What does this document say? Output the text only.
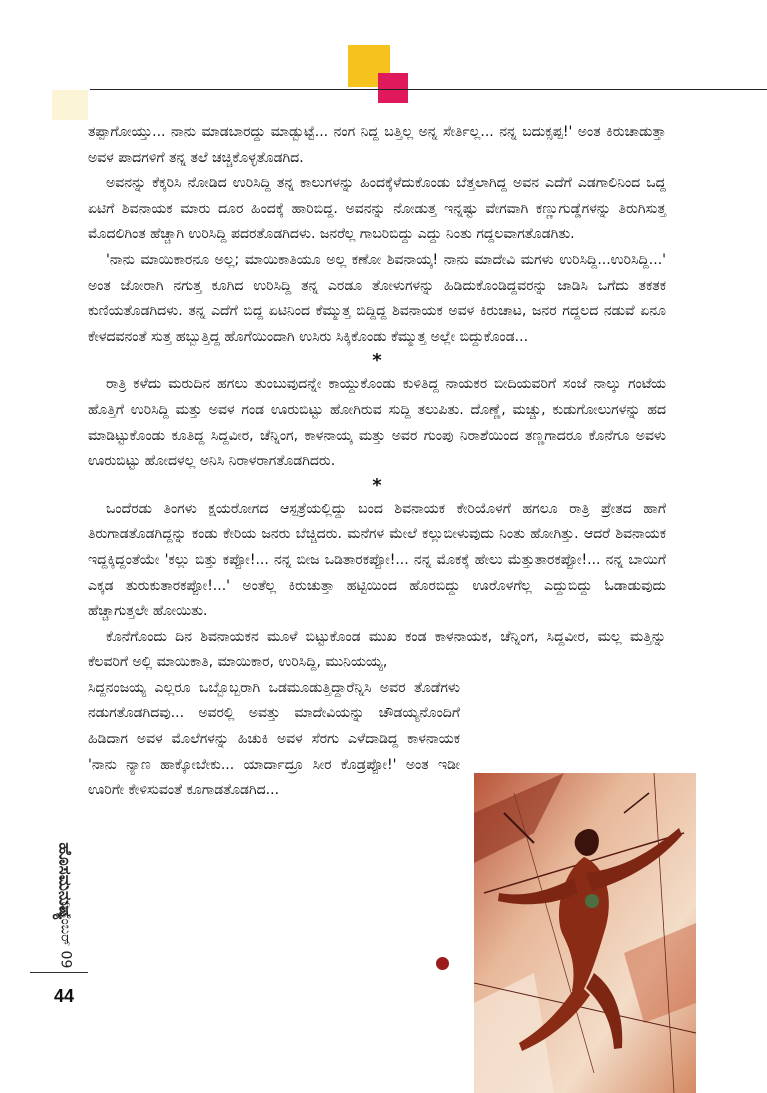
ತಪ್ಪಾಗೋಯ್ತು... ನಾನು ಮಾಡಬಾರದ್ದು ಮಾಡ್ಬುಟ್ಟೆ... ನಂಗ ನಿದ್ದ ಬತ್ತಿಲ್ಲ ಅನ್ನ ಸೇರ್ತಿಲ್ಲ... ನನ್ನ ಬದುಕ್ಸಪ್ಪ!' ಅಂತ ಕಿರುಚಾಡುತ್ತಾ ಅವಳ ಪಾದಗಳಿಗೆ ತನ್ನ ತಲೆ ಚಚ್ಚಿಕೊಳ್ಳತೊಡಗಿದ.

ಅವನನ್ನು ಕೆಕ್ಕರಿಸಿ ನೋಡಿದ ಉರಿಸಿದ್ದಿ ತನ್ನ ಕಾಲುಗಳನ್ನು ಹಿಂದಕ್ಕೆಳೆದುಕೊಂಡು ಬೆತ್ತಲಾಗಿದ್ದ ಅವನ ಎದೆಗೆ ಎಡಗಾಲಿನಿಂದ ಒದ್ದ ಏಟಿಗೆ ಶಿವನಾಯಕ ಮಾರು ದೂರ ಹಿಂದಕ್ಕೆ ಹಾರಿಬಿದ್ದ. ಅವನನ್ನು ನೋಡುತ್ತ ಇನ್ನಷ್ಟು ವೇಗವಾಗಿ ಕಣ್ಣುಗುಡ್ಡೆಗಳನ್ನು ತಿರುಗಿಸುತ್ತ ಮೊದಲಿಗಿಂತ ಹೆಚ್ಚಾಗಿ ಉರಿಸಿದ್ದಿ ಪದರತೊಡಗಿದಳು. ಜನರೆಲ್ಲ ಗಾಬರಿಬಿದ್ದು ಎದ್ದು ನಿಂತು ಗದ್ದಲವಾಗತೊಡಗಿತು.

'ನಾನು ಮಾಯಿಕಾರನೂ ಅಲ್ಲ; ಮಾಯಿಕಾತಿಯೂ ಅಲ್ಲ ಕಣೋ ಶಿವನಾಯ್ಕ! ನಾನು ಮಾದೇವಿ ಮಗಳು ಉರಿಸಿದ್ದಿ...ಉರಿಸಿದ್ದಿ...' ಅಂತ ಜೋರಾಗಿ ನಗುತ್ತ ಕೂಗಿದ ಉರಿಸಿದ್ದಿ ತನ್ನ ಎರಡೂ ತೋಳುಗಳನ್ನು ಹಿಡಿದುಕೊಂಡಿದ್ದವರನ್ನು ಜಾಡಿಸಿ ಒಗೆದು ತಕತಕ ಕುಣಿಯತೊಡಗಿದಳು. ತನ್ನ ಎದೆಗೆ ಬಿದ್ದ ಏಟಿನಿಂದ ಕೆಮ್ಮುತ್ತ ಬಿದ್ದಿದ್ದ ಶಿವನಾಯಕ ಅವಳ ಕಿರುಚಾಟ, ಜನರ ಗದ್ದಲದ ನಡುವೆ ಏನೂ ಕೇಳದವನಂತೆ ಸುತ್ತ ಹಬ್ಬುತ್ತಿದ್ದ ಹೊಗೆಯಿಂದಾಗಿ ಉಸಿರು ಸಿಕ್ಕಿಕೊಂಡು ಕೆಮ್ಮುತ್ತ ಅಲ್ಲೇ ಬಿದ್ದುಕೊಂಡ...

*

ರಾತ್ರಿ ಕಳೆದು ಮರುದಿನ ಹಗಲು ತುಂಬುವುದನ್ನೇ ಕಾಯ್ದುಕೊಂಡು ಕುಳಿತಿದ್ದ ನಾಯಕರ ಬೀದಿಯವರಿಗೆ ಸಂಜೆ ನಾಲ್ಕು ಗಂಟೆಯ ಹೊತ್ತಿಗೆ ಉರಿಸಿದ್ದಿ ಮತ್ತು ಅವಳ ಗಂಡ ಊರುಬಿಟ್ಟು ಹೋಗಿರುವ ಸುದ್ದಿ ತಲುಪಿತು. ದೊಣ್ಣೆ, ಮಚ್ಚು, ಕುಡುಗೋಲುಗಳನ್ನು ಹದ ಮಾಡಿಟ್ಟುಕೊಂಡು ಕೂತಿದ್ದ ಸಿದ್ದವೀರ, ಚೆನ್ನಿಂಗ, ಕಾಳನಾಯ್ಕ ಮತ್ತು ಅವರ ಗುಂಪು ನಿರಾಶೆಯಿಂದ ತಣ್ಣಗಾದರೂ ಕೊನೆಗೂ ಅವಳು ಊರುಬಿಟ್ಟು ಹೋದಳಲ್ಲ ಅನಿಸಿ ನಿರಾಳರಾಗತೊಡಗಿದರು.

*

ಒಂದೆರಡು ತಿಂಗಳು ಕ್ಷಯರೋಗದ ಆಸ್ಪತ್ರೆಯಲ್ಲಿದ್ದು ಬಂದ ಶಿವನಾಯಕ ಕೇರಿಯೊಳಗೆ ಹಗಲೂ ರಾತ್ರಿ ಪ್ರೇತದ ಹಾಗೆ ತಿರುಗಾಡತೊಡಗಿದ್ದನ್ನು ಕಂಡು ಕೇರಿಯ ಜನರು ಬೆಚ್ಚಿದರು. ಮನೆಗಳ ಮೇಲೆ ಕಲ್ಲುಬೀಳುವುದು ನಿಂತು ಹೋಗಿತ್ತು. ಆದರೆ ಶಿವನಾಯಕ ಇದ್ದಕ್ಕಿದ್ದಂತೆಯೇ 'ಕಲ್ಲು ಬಿತ್ತು ಕಪ್ಪೋ!... ನನ್ನ ಬೀಜ ಒಡಿತಾರಕಪ್ಪೋ!... ನನ್ನ ಮೊಕಕ್ಕೆ ಹೇಲು ಮೆತ್ತುತಾರಕಪ್ಪೋ!... ನನ್ನ ಬಾಯಿಗೆ ಎಕ್ಕಡ ತುರುಕುತಾರಕಪ್ಪೋ!...' ಅಂತೆಲ್ಲ ಕಿರುಚುತ್ತಾ ಹಟ್ಟಿಯಿಂದ ಹೊರಬಿದ್ದು ಊರೊಳಗೆಲ್ಲ ಎದ್ದುಬಿದ್ದು ಓಡಾಡುವುದು ಹೆಚ್ಚಾಗುತ್ತಲೇ ಹೋಯಿತು.

ಕೊನೆಗೊಂದು ದಿನ ಶಿವನಾಯಕನ ಮೂಳೆ ಬಿಟ್ಟುಕೊಂಡ ಮುಖ ಕಂಡ ಕಾಳನಾಯಕ, ಚೆನ್ನಿಂಗ, ಸಿದ್ದವೀರ, ಮಲ್ಲ ಮತ್ತಿನ್ನು ಕೆಲವರಿಗೆ ಅಲ್ಲಿ ಮಾಯಿಕಾತಿ, ಮಾಯಿಕಾರ, ಉರಿಸಿದ್ದಿ, ಮುನಿಯಯ್ಯ,

ಸಿದ್ದನಂಜಯ್ಯ ಎಲ್ಲರೂ ಒಬ್ಬೊಬ್ಬರಾಗಿ ಒಡಮೂಡುತ್ತಿದ್ದಾರೆನ್ನಿಸಿ ಅವರ ತೊಡೆಗಳು ನಡುಗತೊಡಗಿದವು... ಅವರಲ್ಲಿ ಅವತ್ತು ಮಾದೇವಿಯನ್ನು ಚೌಡಯ್ಯನೊಂದಿಗೆ ಹಿಡಿದಾಗ ಅವಳ ಮೊಲೆಗಳನ್ನು ಹಿಚುಕಿ ಅವಳ ಸೆರಗು ಎಳೆದಾಡಿದ್ದ ಕಾಳನಾಯಕ 'ನಾನು ನ್ಯಾಣ ಹಾಕ್ಕೋಬೇಕು... ಯಾರ್ದಾದ್ರೂ ಸೀರ ಕೊಡ್ರಪ್ಪೋ!' ಅಂತ ಇಡೀ ಊರಿಗೇ ಕೇಳಿಸುವಂತೆ ಕೂಗಾಡತೊಡಗಿದ...

ಹೊಸಮನುಷ್ಯ
ಡಿಸೆಂಬರ್ 09
44
